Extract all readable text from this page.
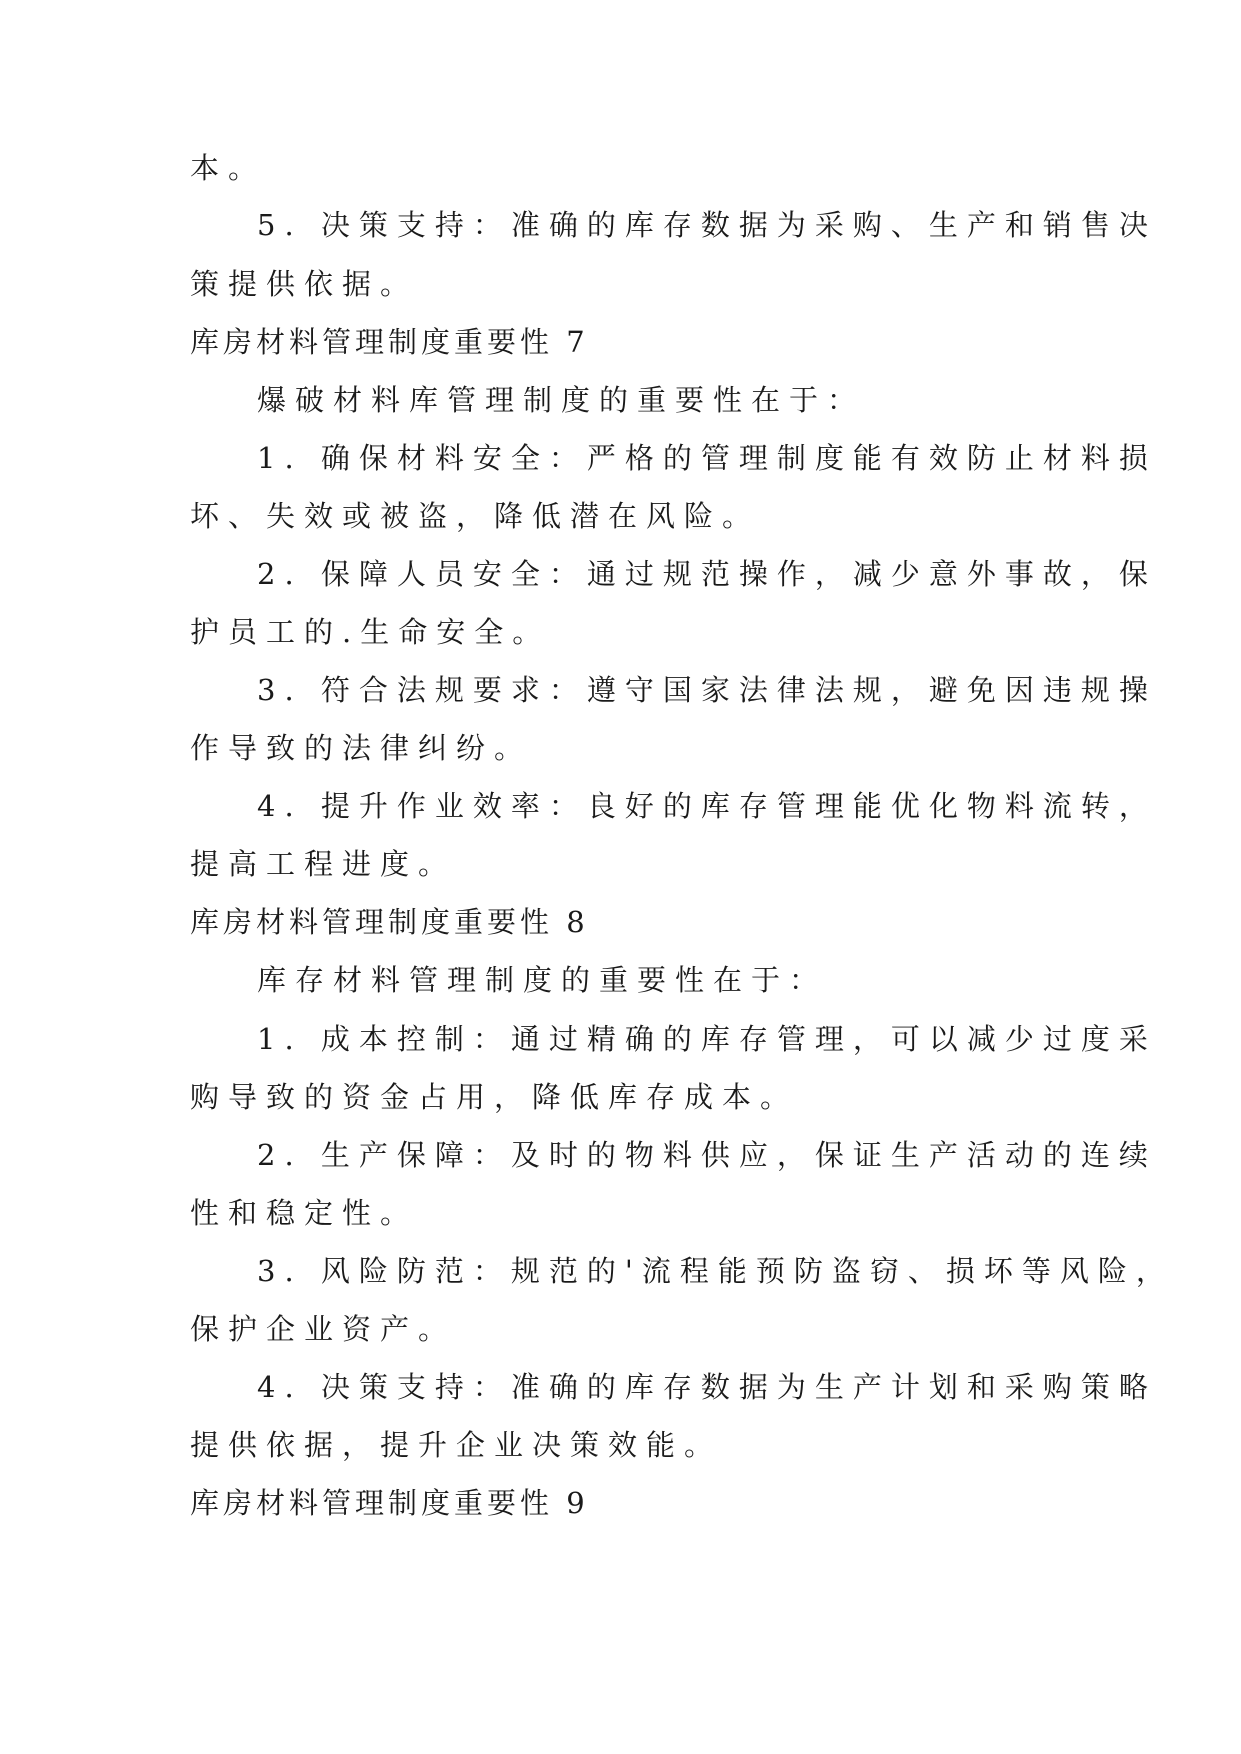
本。
5. 决策支持：准确的库存数据为采购、生产和销售决
策提供依据。
库房材料管理制度重要性 7
爆破材料库管理制度的重要性在于：
1. 确保材料安全：严格的管理制度能有效防止材料损
坏、失效或被盗，降低潜在风险。
2. 保障人员安全：通过规范操作，减少意外事故，保
护员工的.生命安全。
3. 符合法规要求：遵守国家法律法规，避免因违规操
作导致的法律纠纷。
4. 提升作业效率：良好的库存管理能优化物料流转，
提高工程进度。
库房材料管理制度重要性 8
库存材料管理制度的重要性在于：
1. 成本控制：通过精确的库存管理，可以减少过度采
购导致的资金占用，降低库存成本。
2. 生产保障：及时的物料供应，保证生产活动的连续
性和稳定性。
3. 风险防范：规范的'流程能预防盗窃、损坏等风险，
保护企业资产。
4. 决策支持：准确的库存数据为生产计划和采购策略
提供依据，提升企业决策效能。
库房材料管理制度重要性 9
